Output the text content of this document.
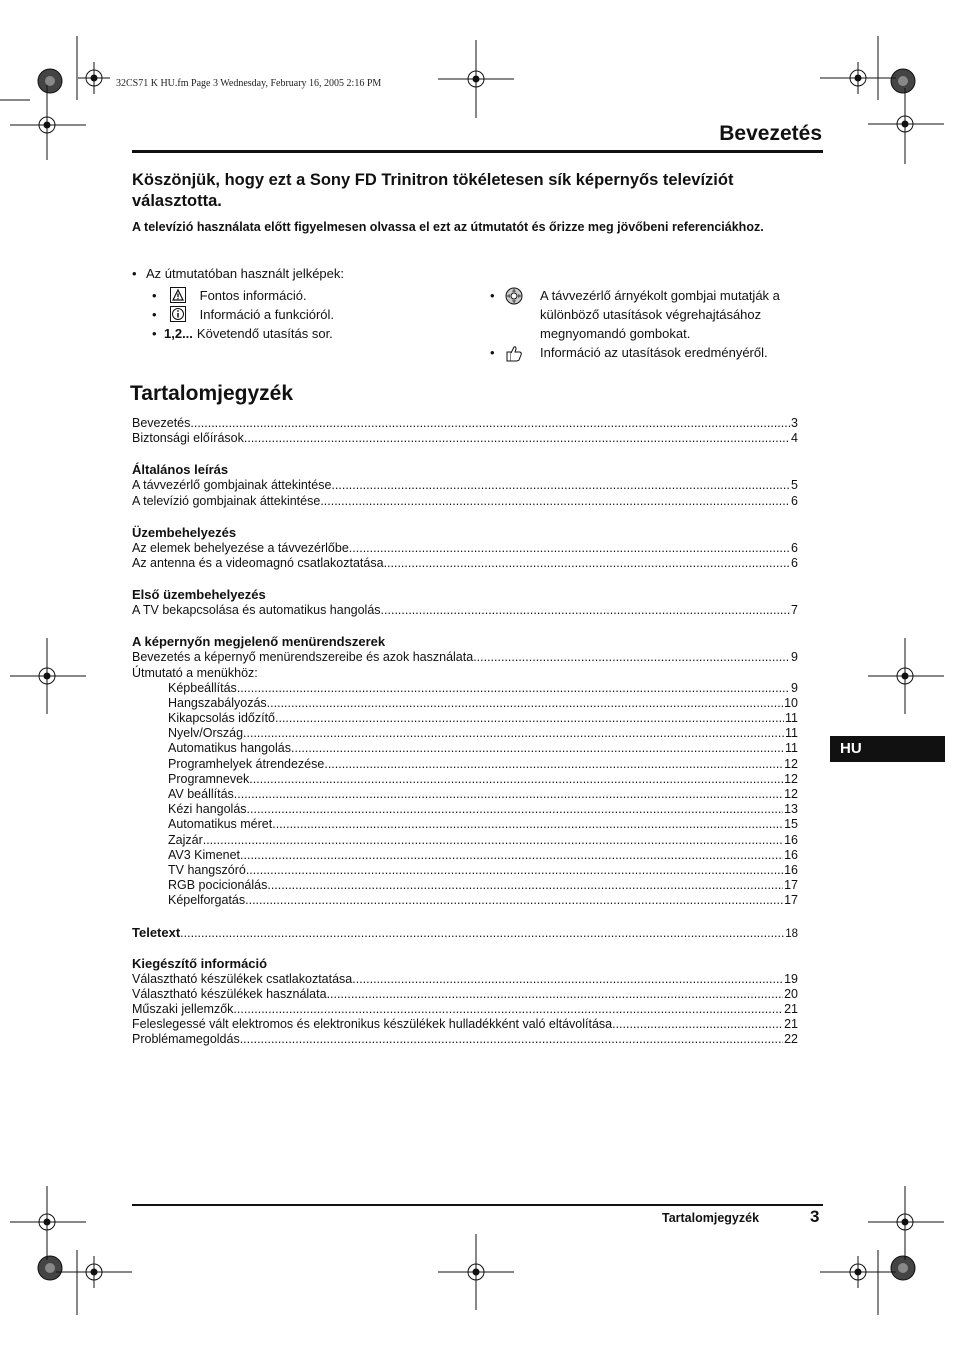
32CS71 K HU.fm Page 3 Wednesday, February 16, 2005 2:16 PM
Bevezetés
Köszönjük, hogy ezt a Sony FD Trinitron tökéletesen sík képernyős televíziót választotta.
A televízió használata előtt figyelmesen olvassa el ezt az útmutatót és őrizze meg jövőbeni referenciákhoz.
• Az útmutatóban használt jelképek:
•	Fontos információ.
•	Információ a funkcióról.
• 1,2... Követendő utasítás sor.
•	A távvezérlő árnyékolt gombjai mutatják a
különböző utasítások végrehajtásához
megnyomandó gombokat.
•	Információ az utasítások eredményéről.
Tartalomjegyzék
Bevezetés .....	3
Biztonsági előírások .....	4
Általános leírás
A távvezérlő gombjainak áttekintése .....	5
A televízió gombjainak áttekintése .....	6
Üzembehelyezés
Az elemek behelyezése a távvezérlőbe .....	6
Az antenna és a videomagnó csatlakoztatása .....	6
Első üzembehelyezés
A TV bekapcsolása és automatikus hangolás .....	7
A képernyőn megjelenő menürendszerek
Bevezetés a képernyő menürendszereibe és azok használata .....	9
Útmutató a menükhöz:
Képbeállítás .....	9
Hangszabályozás .....	10
Kikapcsolás időzítő .....	11
Nyelv/Ország .....	11
Automatikus hangolás .....	11
Programhelyek átrendezése .....	12
Programnevek .....	12
AV beállítás .....	12
Kézi hangolás .....	13
Automatikus méret .....	15
Zajzár .....	16
AV3 Kimenet .....	16
TV hangszóró .....	16
RGB pocicionálás .....	17
Képelforgatás .....	17
Teletext .....	18
Kiegészítő információ
Választható készülékek csatlakoztatása .....	19
Választható készülékek használata .....	20
Műszaki jellemzők .....	21
Feleslegessé vált elektromos és elektronikus készülékek hulladékként való eltávolítása .....	21
Problémamegoldás .....	22
HU
Tartalomjegyzék	3
